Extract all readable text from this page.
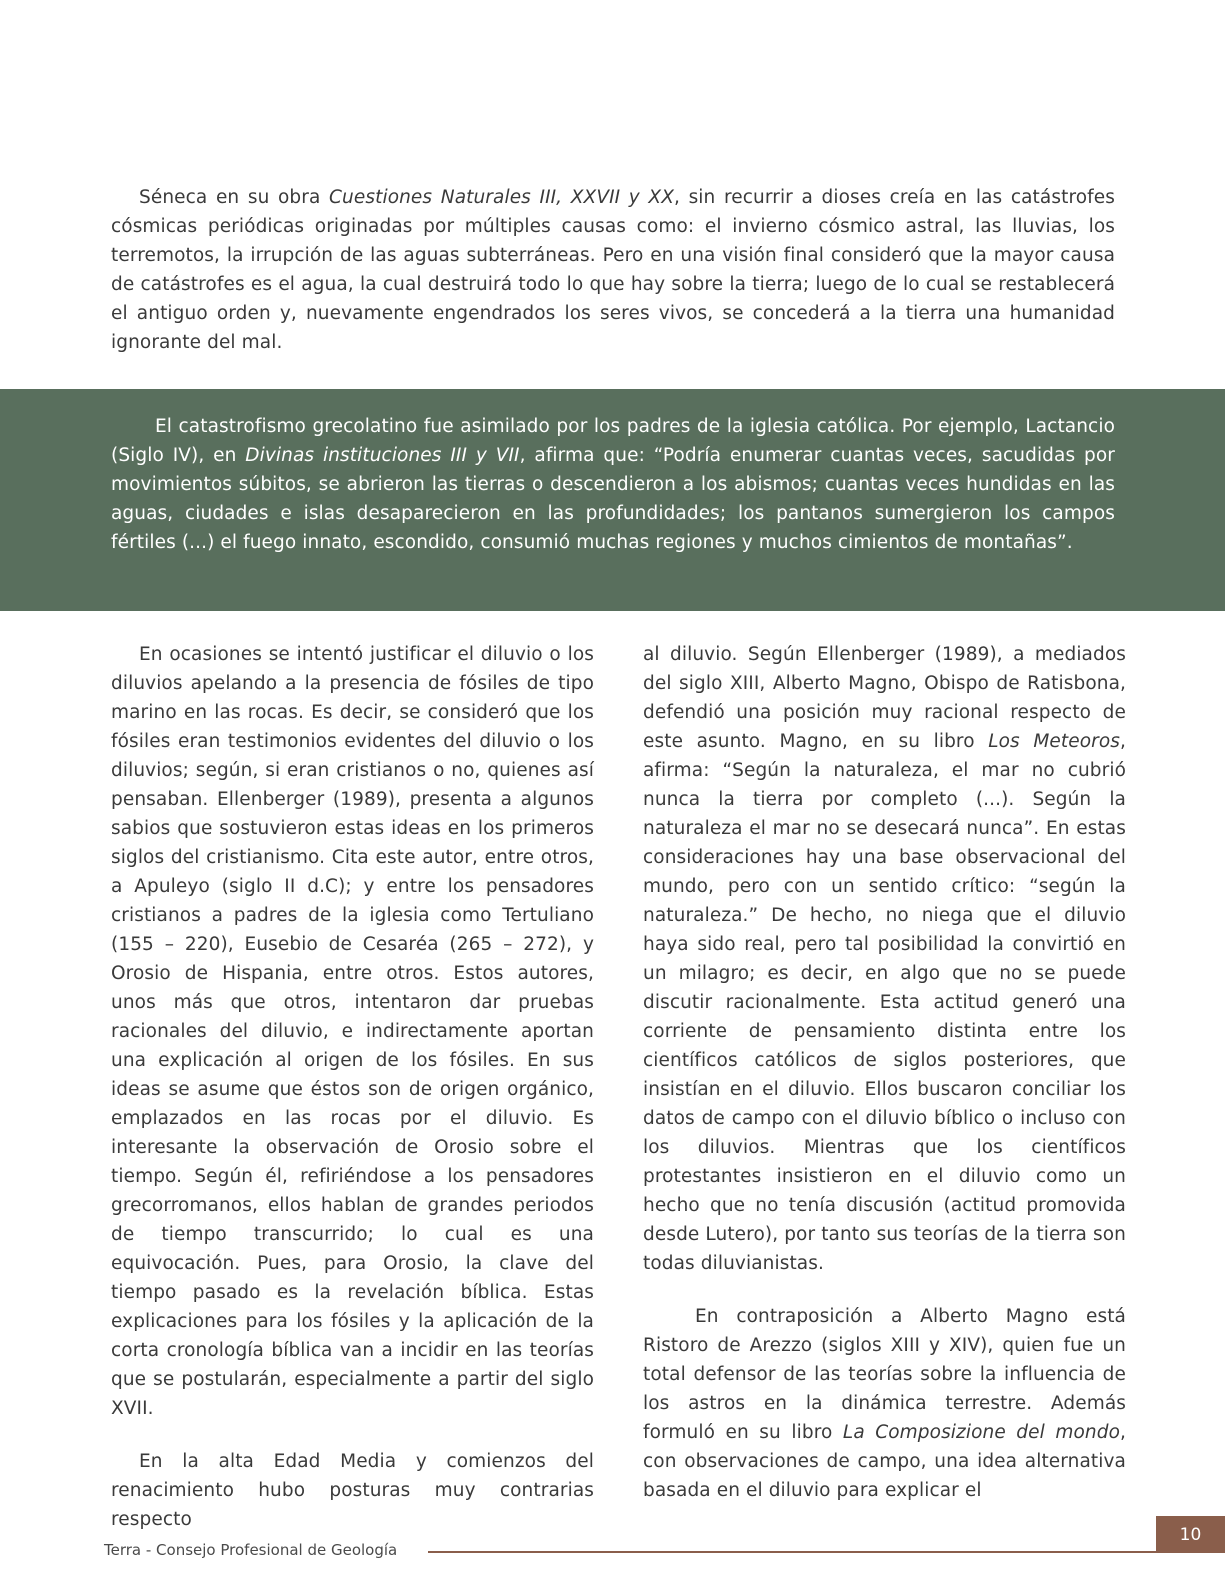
Séneca en su obra Cuestiones Naturales III, XXVII y XX, sin recurrir a dioses creía en las catástrofes cósmicas periódicas originadas por múltiples causas como: el invierno cósmico astral, las lluvias, los terremotos, la irrupción de las aguas subterráneas. Pero en una visión final consideró que la mayor causa de catástrofes es el agua, la cual destruirá todo lo que hay sobre la tierra; luego de lo cual se restablecerá el antiguo orden y, nuevamente engendrados los seres vivos, se concederá a la tierra una humanidad ignorante del mal.

El catastrofismo grecolatino fue asimilado por los padres de la iglesia católica. Por ejemplo, Lactancio (Siglo IV), en Divinas instituciones III y VII, afirma que: “Podría enumerar cuantas veces, sacudidas por movimientos súbitos, se abrieron las tierras o descendieron a los abismos; cuantas veces hundidas en las aguas, ciudades e islas desaparecieron en las profundidades; los pantanos sumergieron los campos fértiles (...) el fuego innato, escondido, consumió muchas regiones y muchos cimientos de montañas”.

En ocasiones se intentó justificar el diluvio o los diluvios apelando a la presencia de fósiles de tipo marino en las rocas. Es decir, se consideró que los fósiles eran testimonios evidentes del diluvio o los diluvios; según, si eran cristianos o no, quienes así pensaban. Ellenberger (1989), presenta a algunos sabios que sostuvieron estas ideas en los primeros siglos del cristianismo. Cita este autor, entre otros, a Apuleyo (siglo II d.C); y entre los pensadores cristianos a padres de la iglesia como Tertuliano (155 – 220), Eusebio de Cesaréa (265 – 272), y Orosio de Hispania, entre otros. Estos autores, unos más que otros, intentaron dar pruebas racionales del diluvio, e indirectamente aportan una explicación al origen de los fósiles. En sus ideas se asume que éstos son de origen orgánico, emplazados en las rocas por el diluvio. Es interesante la observación de Orosio sobre el tiempo. Según él, refiriéndose a los pensadores grecorromanos, ellos hablan de grandes periodos de tiempo transcurrido; lo cual es una equivocación. Pues, para Orosio, la clave del tiempo pasado es la revelación bíblica. Estas explicaciones para los fósiles y la aplicación de la corta cronología bíblica van a incidir en las teorías que se postularán, especialmente a partir del siglo XVII.

En la alta Edad Media y comienzos del renacimiento hubo posturas muy contrarias respecto

al diluvio. Según Ellenberger (1989), a mediados del siglo XIII, Alberto Magno, Obispo de Ratisbona, defendió una posición muy racional respecto de este asunto. Magno, en su libro Los Meteoros, afirma: “Según la naturaleza, el mar no cubrió nunca la tierra por completo (...). Según la naturaleza el mar no se desecará nunca”. En estas consideraciones hay una base observacional del mundo, pero con un sentido crítico: “según la naturaleza.” De hecho, no niega que el diluvio haya sido real, pero tal posibilidad la convirtió en un milagro; es decir, en algo que no se puede discutir racionalmente. Esta actitud generó una corriente de pensamiento distinta entre los científicos católicos de siglos posteriores, que insistían en el diluvio. Ellos buscaron conciliar los datos de campo con el diluvio bíblico o incluso con los diluvios. Mientras que los científicos protestantes insistieron en el diluvio como un hecho que no tenía discusión (actitud promovida desde Lutero), por tanto sus teorías de la tierra son todas diluvianistas.

En contraposición a Alberto Magno está Ristoro de Arezzo (siglos XIII y XIV), quien fue un total defensor de las teorías sobre la influencia de los astros en la dinámica terrestre. Además formuló en su libro La Composizione del mondo, con observaciones de campo, una idea alternativa basada en el diluvio para explicar el

Terra - Consejo Profesional de Geología
10
